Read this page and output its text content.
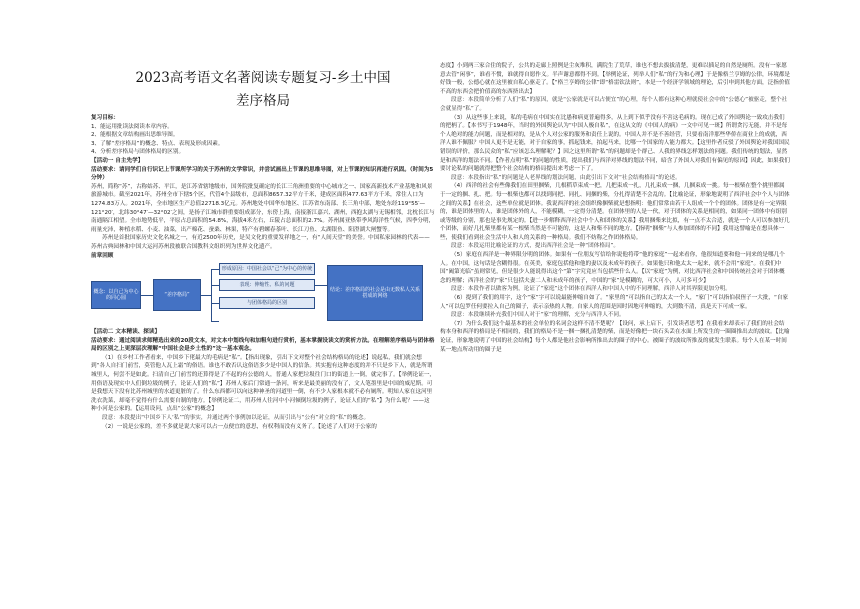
2023高考语文名著阅读专题复习-乡土中国
差序格局

复习目标：

1、能运用批读法阅读本章内容。

2、能根据文章结构画出思维导图。

3、了解“差序格局”的概念、特点、表现及形成因素。

4、分析差序格局与团体格局的区别。

【活动一 自主先学】

活动要求：请同学们自行识记上节课所学习的关于苏州的文学常识，并尝试画出上节课的思维导图，对上节课的知识再进行巩固。（时间为5分钟）

苏州，简称“苏”，古称姑苏、平江，是江苏省辖地级市，国务院批复确定的长江三角洲重要的中心城市之一、国家高新技术产业基地和风景旅游城市。截至2021年，苏州全市下辖5个区，代管4个县级市，总面积8657.32平方千米，建成区面积477.63平方千米，常住人口为1274.83万人。2021年，全市地区生产总值22718.3亿元。苏州地处中国华东地区、江苏省东南部、长三角中部，地处东经119°55′—121°20′，北纬30°47′—32°02′之间，是扬子江城市群重要组成部分，东傍上海，南接浙江嘉兴、湖州，西抱太湖与无锡相邻，北枕长江与南通隔江相望。全市地势低平，平原占总面积的54.8%，海拔4米左右，丘陵占总面积的2.7%。苏州属亚热带季风海洋性气候，四季分明，雨量充沛，种植水稻、小麦、油菜，出产棉花、蚕桑、林果，特产有碧螺春茶叶、长江刀鱼、太湖银鱼、阳澄湖大闸蟹等。

苏州是首批国家历史文化名城之一，有近2500年历史，是吴文化的重要发祥地之一，有“人间天堂”的美誉。中国私家园林的代表——苏州古典园林和中国大运河苏州段被联合国教科文组织列为世界文化遗产。

前章回顾

概念：以自己为中心的同心圆
“差序格局”
形成原因：中国社会以“己”为中心的传统
表现：伸缩性、私的问题
与团体格局的区别
结论：差序格局的社会是由无数私人关系搭成的网络

【活动二 文本精读、探读】

活动要求：通过阅读求师精选出来的20段文本，对文本中划线句和加粗句进行赏析，基本掌握设读文的赏析方法。在理解差序格局与团体格局的区别之上更深层次理解“中国社会是乡土性的”这一基本观念。

（1）在乡村工作者看来，中国乡下佬最大的毛病是“私”。【指出现象，引出下文对整个社会结构格局的论述】说起私，我们就会想到“各人自扫门前雪，莫管他人瓦上霜”的俗语。谁也不敢否认这俗语多少是中国人的信条。其实抱有这种态度的并不只是乡下人，就是所谓城里人，何尝不是如此。扫清自己门前雪的还算得是了不起的有公德的人，普通人家把垃圾往门口的街道上一倒，就完事了。【举例论证一，用俗语及现实中人们倒垃圾的例子，论证人们的“私”】苏州人家后门常通一条河，听来是最美丽的没有了，文人笔墨里是中国的威尼斯。可是我想天下没有比苏州城里的水道更脏的了。什么东西都可以向这种神圣的河道里一倒，有不少人家根本就不必有厕所。明知人家在这河里洗衣洗菜，却毫不觉得有什么需要自制的地方。【举例论证二，用苏州人往河中小河倾倒垃圾的例子，论证人们的“私”】为什么呢？——这种小河是公家的。【运用设问，点出“公家”的概念】

段意：本段提出“中国乡下人‘私’”的事实，并通过两个事例加以论证，从而引出与“公有”对立的“私”的概念。

（2）一说是公家的，差不多就是说大家可以占一点便宜的意思，有权利而没有义务了。【论述了人们对于公家的

态度】小到两三家合住的院子，公共的走廊上照例是尘灰堆积，满院生了荒草，谁也不想去拔拔清楚，更难以插足的自然是厕所。没有一家愿意去管“闲事”，谁看不惯，谁就得自愿作义。半声谢意都得不到。【举例论证，列举人们“私”的行为和心理】于是像格兰亨姆的公律，环境都是好钱一般，公德心就在这里被自私心驱走了。【“格兰亨姆的公律”即“格雷钦法则”，本是一个经济学领域的理论，后引申到其他方面，泛指价值不高的东西会把价值高的东西挤出去】

段意：本段简单分析了人们“私”的原因，就是“公家就是可以占便宜”的心理，每个人都有这种心理就使社会中的“公德心”被驱走，整个社会就显得“私”了。

（3）从这些事上来说，私的毛病在中国实在比愚和病更普遍得多，从上到下似乎没有不害这毛病的。现在已成了外国舆论一致攻击我们的把柄了。【本书写于1948年，当时的外国舆论认为“中国人极自私”，在这从文的《中国人的病》一文中可见一斑】所谓贪污无能，并不是每个人绝对的能力问题，而是相对的，是从个人对公家的服务和责任上说的。中国人并不是不善经营，只要看南洋那些华侨在商业上的成就，西洋人谁不佩服？中国人更不是无能，对于自家的事，抓起钱来，拍起马来，比哪一个国家的人能力都大。【这里作者反驳了外国舆论对我国国民错误的评价，那么民众的“私”应该怎么理解呢？】因之这里所谓“私”的问题却是个群己、人我的界线怎样划法的问题。我们传统的划法，显然是和西洋的划法不同。【作者点明“私”的问题的性质，提出我们与西洋对界线的划法不同，暗含了外国人对我们有偏见的原因】因此，如果我们要讨论私的问题就得把整个社会结构的格局提出来考虑一下了。

段意：本段指出“私”的问题是人老界线的划法问题，由此引出下文对“社会结构格局”的论述。

（4）西洋的社会有些像我们在田里捆柴，几根稻草束成一把，几把束成一扎，几扎束成一捆，几捆束成一挑。每一根柴在整个挑里都属于一定的捆、扎、把。每一根柴也都可以找到同把、同扎、同捆的柴，分扎得清楚不会乱的。【比喻论证，形象地说明了西洋社会中个人与团体之间的关系】在社会，这些单位就是团体。我说西洋的社会组织像捆柴就是想指明：他们常常由若干人组成一个个的团体。团体是有一定界限的，谁是团体里的人，谁是团体外的人，不能模糊，一定得分清楚。在团体里的人是一伙，对于团体的关系是相同的，如果同一团体中有组别或等级的分别，那也是事先规定的。【进一步解释西洋社会中个人和团体的关系】我用捆柴来比拟，有一点不太合适，就是一个人可以参加好几个团体，而好几扎柴里都有某一根柴当然是不可能的，这是人和柴不同的地方。【指明“捆柴”与人参加团体的不同】我用这譬喻是在想具体一些，使我们看到社会生活中人和人的关系的一种格局。我们不妨称之作团体格局。

段意：本段运用比喻论证的方式，提出西洋社会是一种“团体格局”。

（5）家庭在西洋是一种界限分明的团体。如果有一位朋友写信给你说他将带“他的家庭”一起来看你，他很知道要和他一同来的是哪几个人。在中国，这句话是含糊得很。在英美，家庭包括他和他的妻以及未成年的孩子。如果他只和他太太一起来，就不会用“家庭”。在我们中国“阖第光临”虽则常见，但是很少人能说得出这个“第”字究竟应当包括些什么人。【以“家庭”为例，对比西洋社会和中国传统社会对于团体概念的理解；西洋社会的“家”只包括夫妻二人和未成年的孩子，中国的“家”是模糊的，可大可小，人可多可少】

段意：本段作者以做客为例，论证了“家庭”这个团体在西洋人和中国人中的不同理解，西洋人对其界限更加分明。

（6）提到了我们的用字，这个“家”字可以说最能伸缩自如了。“家里的”可以指自己的太太一个人，“家门”可以指伯叔侄子一大批，“自家人”可以包罗任何要拉入自己的圈子，表示亲热的人物。自家人的范围是因时因地可伸缩的，大到数不清，真是天下可成一家。

段意：本段继续补充我们中国人对于“家”的理解，充分与西洋人不同。

（7）为什么我们这个最基本的社会单位的名词会这样不清不楚呢？【设问，承上启下，引发读者思考】在我看来却表示了我们的社会结构本身和西洋的格局是不相同的，我们的格局不是一捆一捆扎清楚的柴，而是好像把一块石头丢在水面上所发生的一圈圈推出去的波纹。【比喻论证，形象地说明了中国的社会结构】每个人都是他社会影响所推出去的圈子的中心。被圈子的波纹所推及的就发生联系。每个人在某一时间某一地点所动用的圈子是
